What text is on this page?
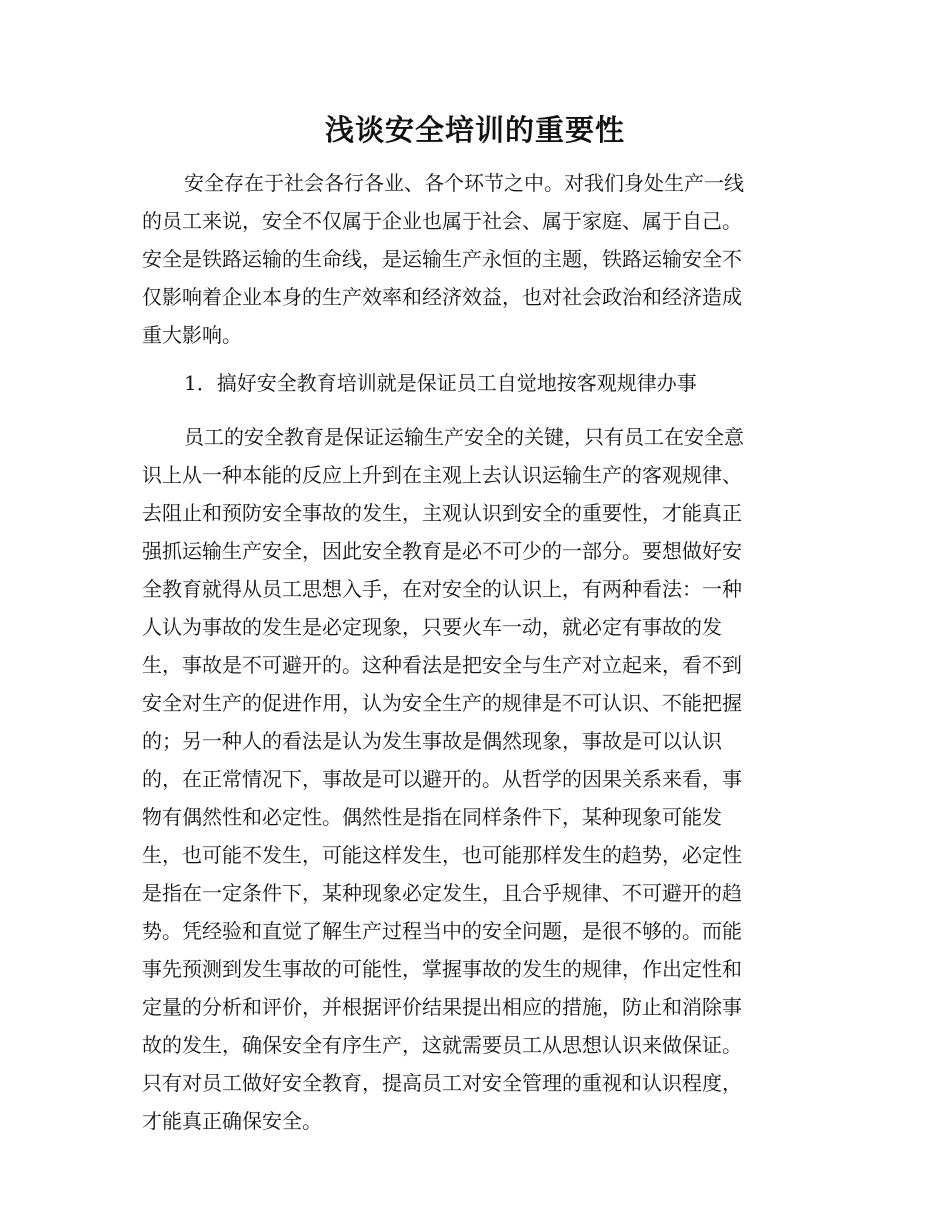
浅谈安全培训的重要性
安全存在于社会各行各业、各个环节之中。对我们身处生产一线
的员工来说，安全不仅属于企业也属于社会、属于家庭、属于自己。
安全是铁路运输的生命线，是运输生产永恒的主题，铁路运输安全不
仅影响着企业本身的生产效率和经济效益，也对社会政治和经济造成
重大影响。
1．搞好安全教育培训就是保证员工自觉地按客观规律办事
员工的安全教育是保证运输生产安全的关键，只有员工在安全意
识上从一种本能的反应上升到在主观上去认识运输生产的客观规律、
去阻止和预防安全事故的发生，主观认识到安全的重要性，才能真正
强抓运输生产安全，因此安全教育是必不可少的一部分。要想做好安
全教育就得从员工思想入手，在对安全的认识上，有两种看法：一种
人认为事故的发生是必定现象，只要火车一动，就必定有事故的发
生，事故是不可避开的。这种看法是把安全与生产对立起来，看不到
安全对生产的促进作用，认为安全生产的规律是不可认识、不能把握
的；另一种人的看法是认为发生事故是偶然现象，事故是可以认识
的，在正常情况下，事故是可以避开的。从哲学的因果关系来看，事
物有偶然性和必定性。偶然性是指在同样条件下，某种现象可能发
生，也可能不发生，可能这样发生，也可能那样发生的趋势，必定性
是指在一定条件下，某种现象必定发生，且合乎规律、不可避开的趋
势。凭经验和直觉了解生产过程当中的安全问题，是很不够的。而能
事先预测到发生事故的可能性，掌握事故的发生的规律，作出定性和
定量的分析和评价，并根据评价结果提出相应的措施，防止和消除事
故的发生，确保安全有序生产，这就需要员工从思想认识来做保证。
只有对员工做好安全教育，提高员工对安全管理的重视和认识程度，
才能真正确保安全。
